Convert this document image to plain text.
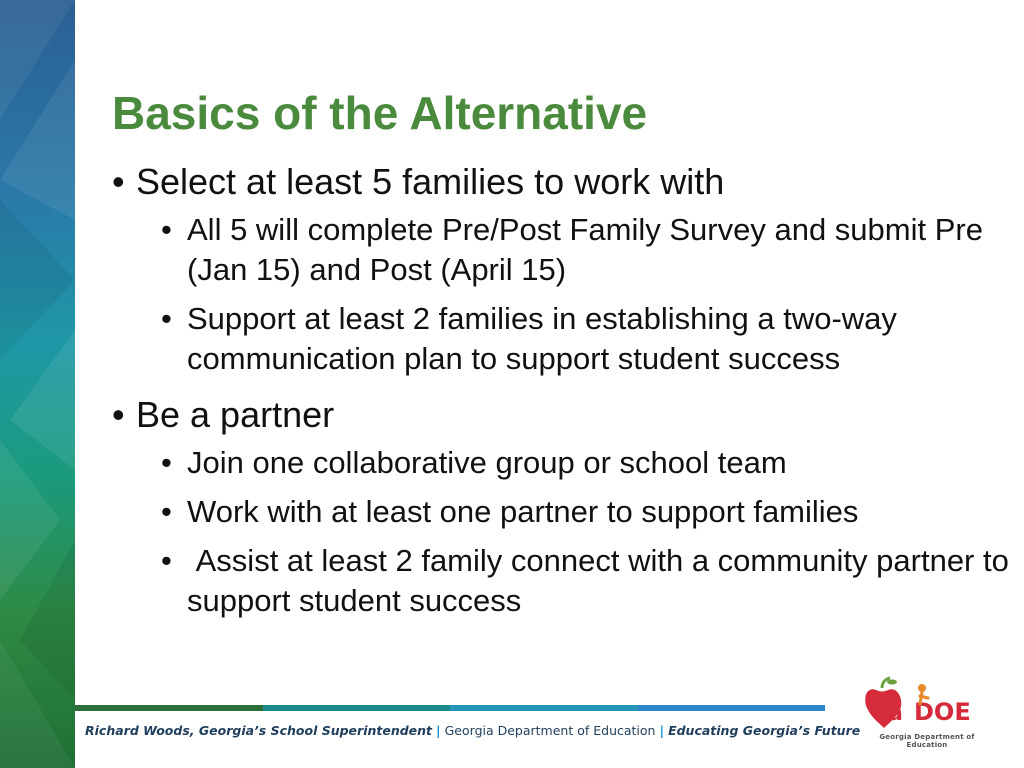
Basics of the Alternative
• Select at least 5 families to work with
• All 5 will complete Pre/Post Family Survey and submit Pre (Jan 15) and Post (April 15)
• Support at least 2 families in establishing a two-way communication plan to support student success
• Be a partner
• Join one collaborative group or school team
• Work with at least one partner to support families
• Assist at least 2 family connect with a community partner to support student success
Richard Woods, Georgia’s School Superintendent | Georgia Department of Education | Educating Georgia’s Future
a DOE
Georgia Department of Education
